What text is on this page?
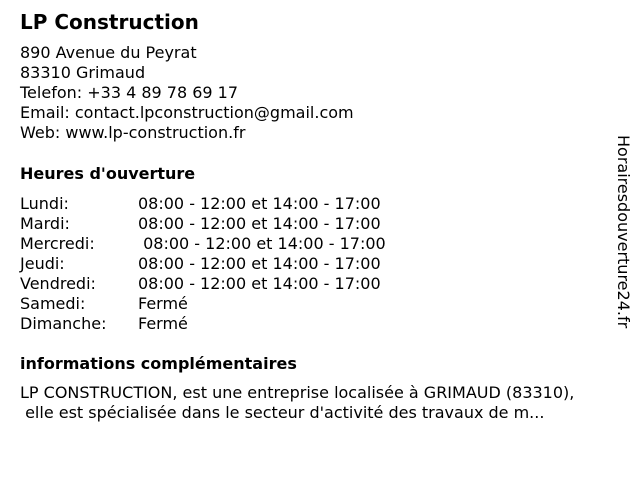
LP Construction
890 Avenue du Peyrat
83310 Grimaud
Telefon: +33 4 89 78 69 17
Email: contact.lpconstruction@gmail.com
Web: www.lp-construction.fr
Heures d'ouverture
Lundi:	08:00 - 12:00 et 14:00 - 17:00
Mardi:	08:00 - 12:00 et 14:00 - 17:00
Mercredi:	08:00 - 12:00 et 14:00 - 17:00
Jeudi:	08:00 - 12:00 et 14:00 - 17:00
Vendredi:	08:00 - 12:00 et 14:00 - 17:00
Samedi:	Fermé
Dimanche: Fermé
informations complémentaires
LP CONSTRUCTION, est une entreprise localisée à GRIMAUD (83310),
elle est spécialisée dans le secteur d'activité des travaux de m...
Horairesdouverture24.fr
